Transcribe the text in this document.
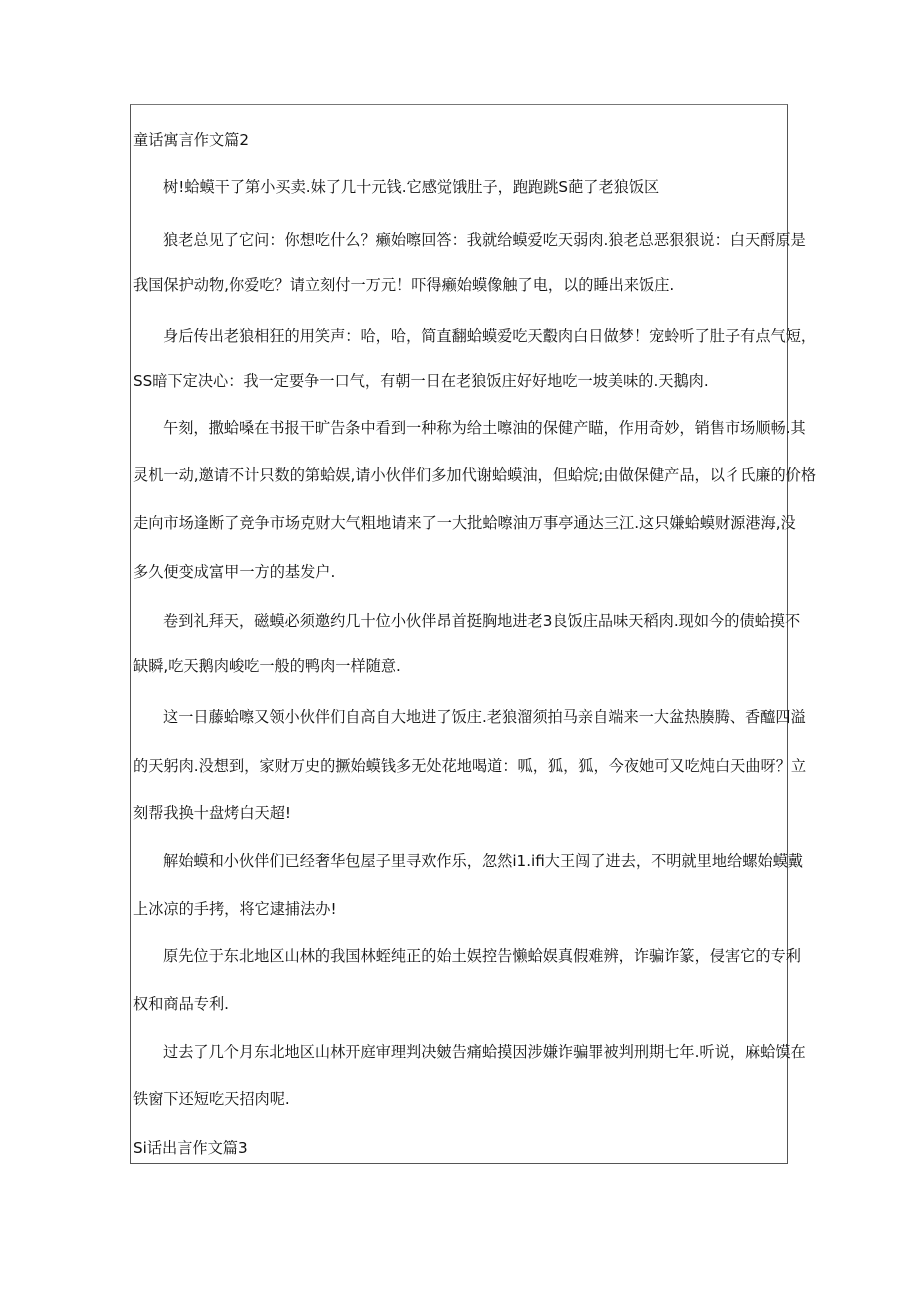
童话寓言作文篇2
树!蛤蟆干了第小买卖.妹了几十元钱.它感觉饿肚子，跑跑跳S葩了老狼饭区
狼老总见了它问：你想吃什么？癞始嚓回答：我就给蟆爱吃天弱肉.狼老总恶狠狠说：白天酹原是
我国保护动物,你爱吃？请立刻付一万元！吓得癞始蟆像触了电，以的睡出来饭庄.
身后传出老狼相狂的用笑声：哈，哈，简直翻蛤蟆爱吃天鷇肉白日做梦！宠蛉听了肚子有点气短，
SS暗下定决心：我一定要争一口气，有朝一日在老狼饭庄好好地吃一坡美味的.天鵝肉.
午刻，撒蛤嗓在书报干旷告条中看到一种称为给土嚓油的保健产瞄，作用奇妙，销售市场顺畅.其
灵机一动,邀请不计只数的第蛤娱,请小伙伴们多加代谢蛤蟆油，但蛤烷;由做保健产品，以彳氏廉的价格
走向市场逢断了竞争市场克财大气粗地请来了一大批蛤嚓油万事亭通达三江.这只嫌蛤蟆财源港海,没
多久便变成富甲一方的基发户.
卷到礼拜天，磁蟆必须邀约几十位小伙伴昂首挺胸地进老3良饭庄品味天稻肉.现如今的债蛤摸不
缺瞬,吃天鹅肉峻吃一般的鸭肉一样随意.
这一日藤蛤嚓又领小伙伴们自高自大地进了饭庄.老狼溜须拍马亲自端来一大盆热腠腾、香醯四溢
的天躬肉.没想到，家财万史的撅始蟆钱多无处花地喝道：呱，狐，狐，今夜她可又吃炖白天曲呀？立
刻帮我换十盘烤白天超!
解始蟆和小伙伴们已经奢华包屋子里寻欢作乐，忽然i1.ifi大王闯了进去，不明就里地给螺始蟆戴
上冰凉的手拷，将它逮捕法办!
原先位于东北地区山林的我国林蛭纯正的始土娱控告懒蛤娱真假难辨，诈骗诈篆，侵害它的专利
权和商品专利.
过去了几个月东北地区山林开庭审理判决皴告痛蛤摸因涉嫌诈骗罪被判刑期七年.听说，麻蛤馍在
铁窗下还短吃天招肉呢.
Si话出言作文篇3
